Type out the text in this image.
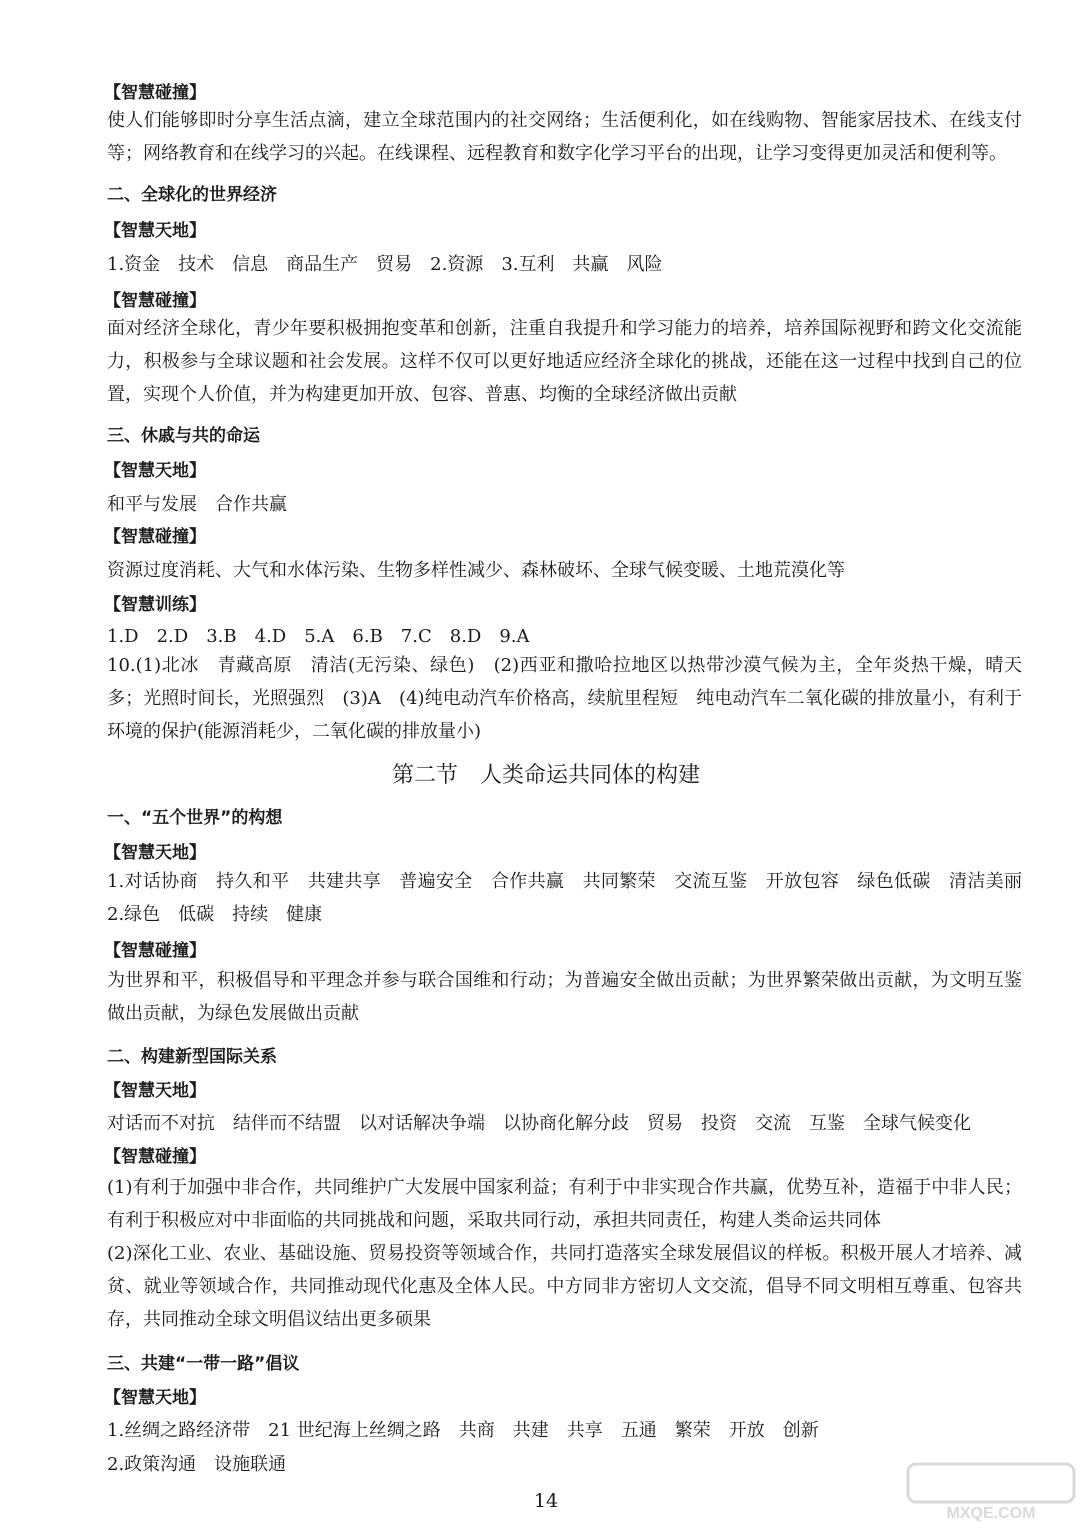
【智慧碰撞】
使人们能够即时分享生活点滴，建立全球范围内的社交网络；生活便利化，如在线购物、智能家居技术、在线支付等；网络教育和在线学习的兴起。在线课程、远程教育和数字化学习平台的出现，让学习变得更加灵活和便利等。
二、全球化的世界经济
【智慧天地】
1.资金　技术　信息　商品生产　贸易　2.资源　3.互利　共赢　风险
【智慧碰撞】
面对经济全球化，青少年要积极拥抱变革和创新，注重自我提升和学习能力的培养，培养国际视野和跨文化交流能力，积极参与全球议题和社会发展。这样不仅可以更好地适应经济全球化的挑战，还能在这一过程中找到自己的位置，实现个人价值，并为构建更加开放、包容、普惠、均衡的全球经济做出贡献
三、休戚与共的命运
【智慧天地】
和平与发展　合作共赢
【智慧碰撞】
资源过度消耗、大气和水体污染、生物多样性减少、森林破坏、全球气候变暖、土地荒漠化等
【智慧训练】
1.D　2.D　3.B　4.D　5.A　6.B　7.C　8.D　9.A
10.(1)北冰　青藏高原　清洁(无污染、绿色)　(2)西亚和撒哈拉地区以热带沙漠气候为主，全年炎热干燥，晴天多；光照时间长，光照强烈　(3)A　(4)纯电动汽车价格高，续航里程短　纯电动汽车二氧化碳的排放量小，有利于环境的保护(能源消耗少，二氧化碳的排放量小)
第二节　人类命运共同体的构建
一、“五个世界”的构想
【智慧天地】
1.对话协商　持久和平　共建共享　普遍安全　合作共赢　共同繁荣　交流互鉴　开放包容　绿色低碳　清洁美丽　2.绿色　低碳　持续　健康
【智慧碰撞】
为世界和平，积极倡导和平理念并参与联合国维和行动；为普遍安全做出贡献；为世界繁荣做出贡献，为文明互鉴做出贡献，为绿色发展做出贡献
二、构建新型国际关系
【智慧天地】
对话而不对抗　结伴而不结盟　以对话解决争端　以协商化解分歧　贸易　投资　交流　互鉴　全球气候变化
【智慧碰撞】
(1)有利于加强中非合作，共同维护广大发展中国家利益；有利于中非实现合作共赢，优势互补，造福于中非人民；有利于积极应对中非面临的共同挑战和问题，采取共同行动，承担共同责任，构建人类命运共同体
(2)深化工业、农业、基础设施、贸易投资等领域合作，共同打造落实全球发展倡议的样板。积极开展人才培养、减贫、就业等领域合作，共同推动现代化惠及全体人民。中方同非方密切人文交流，倡导不同文明相互尊重、包容共存，共同推动全球文明倡议结出更多硕果
三、共建“一带一路”倡议
【智慧天地】
1.丝绸之路经济带　21 世纪海上丝绸之路　共商　共建　共享　五通　繁荣　开放　创新
2.政策沟通　设施联通
14
MXQE.COM
